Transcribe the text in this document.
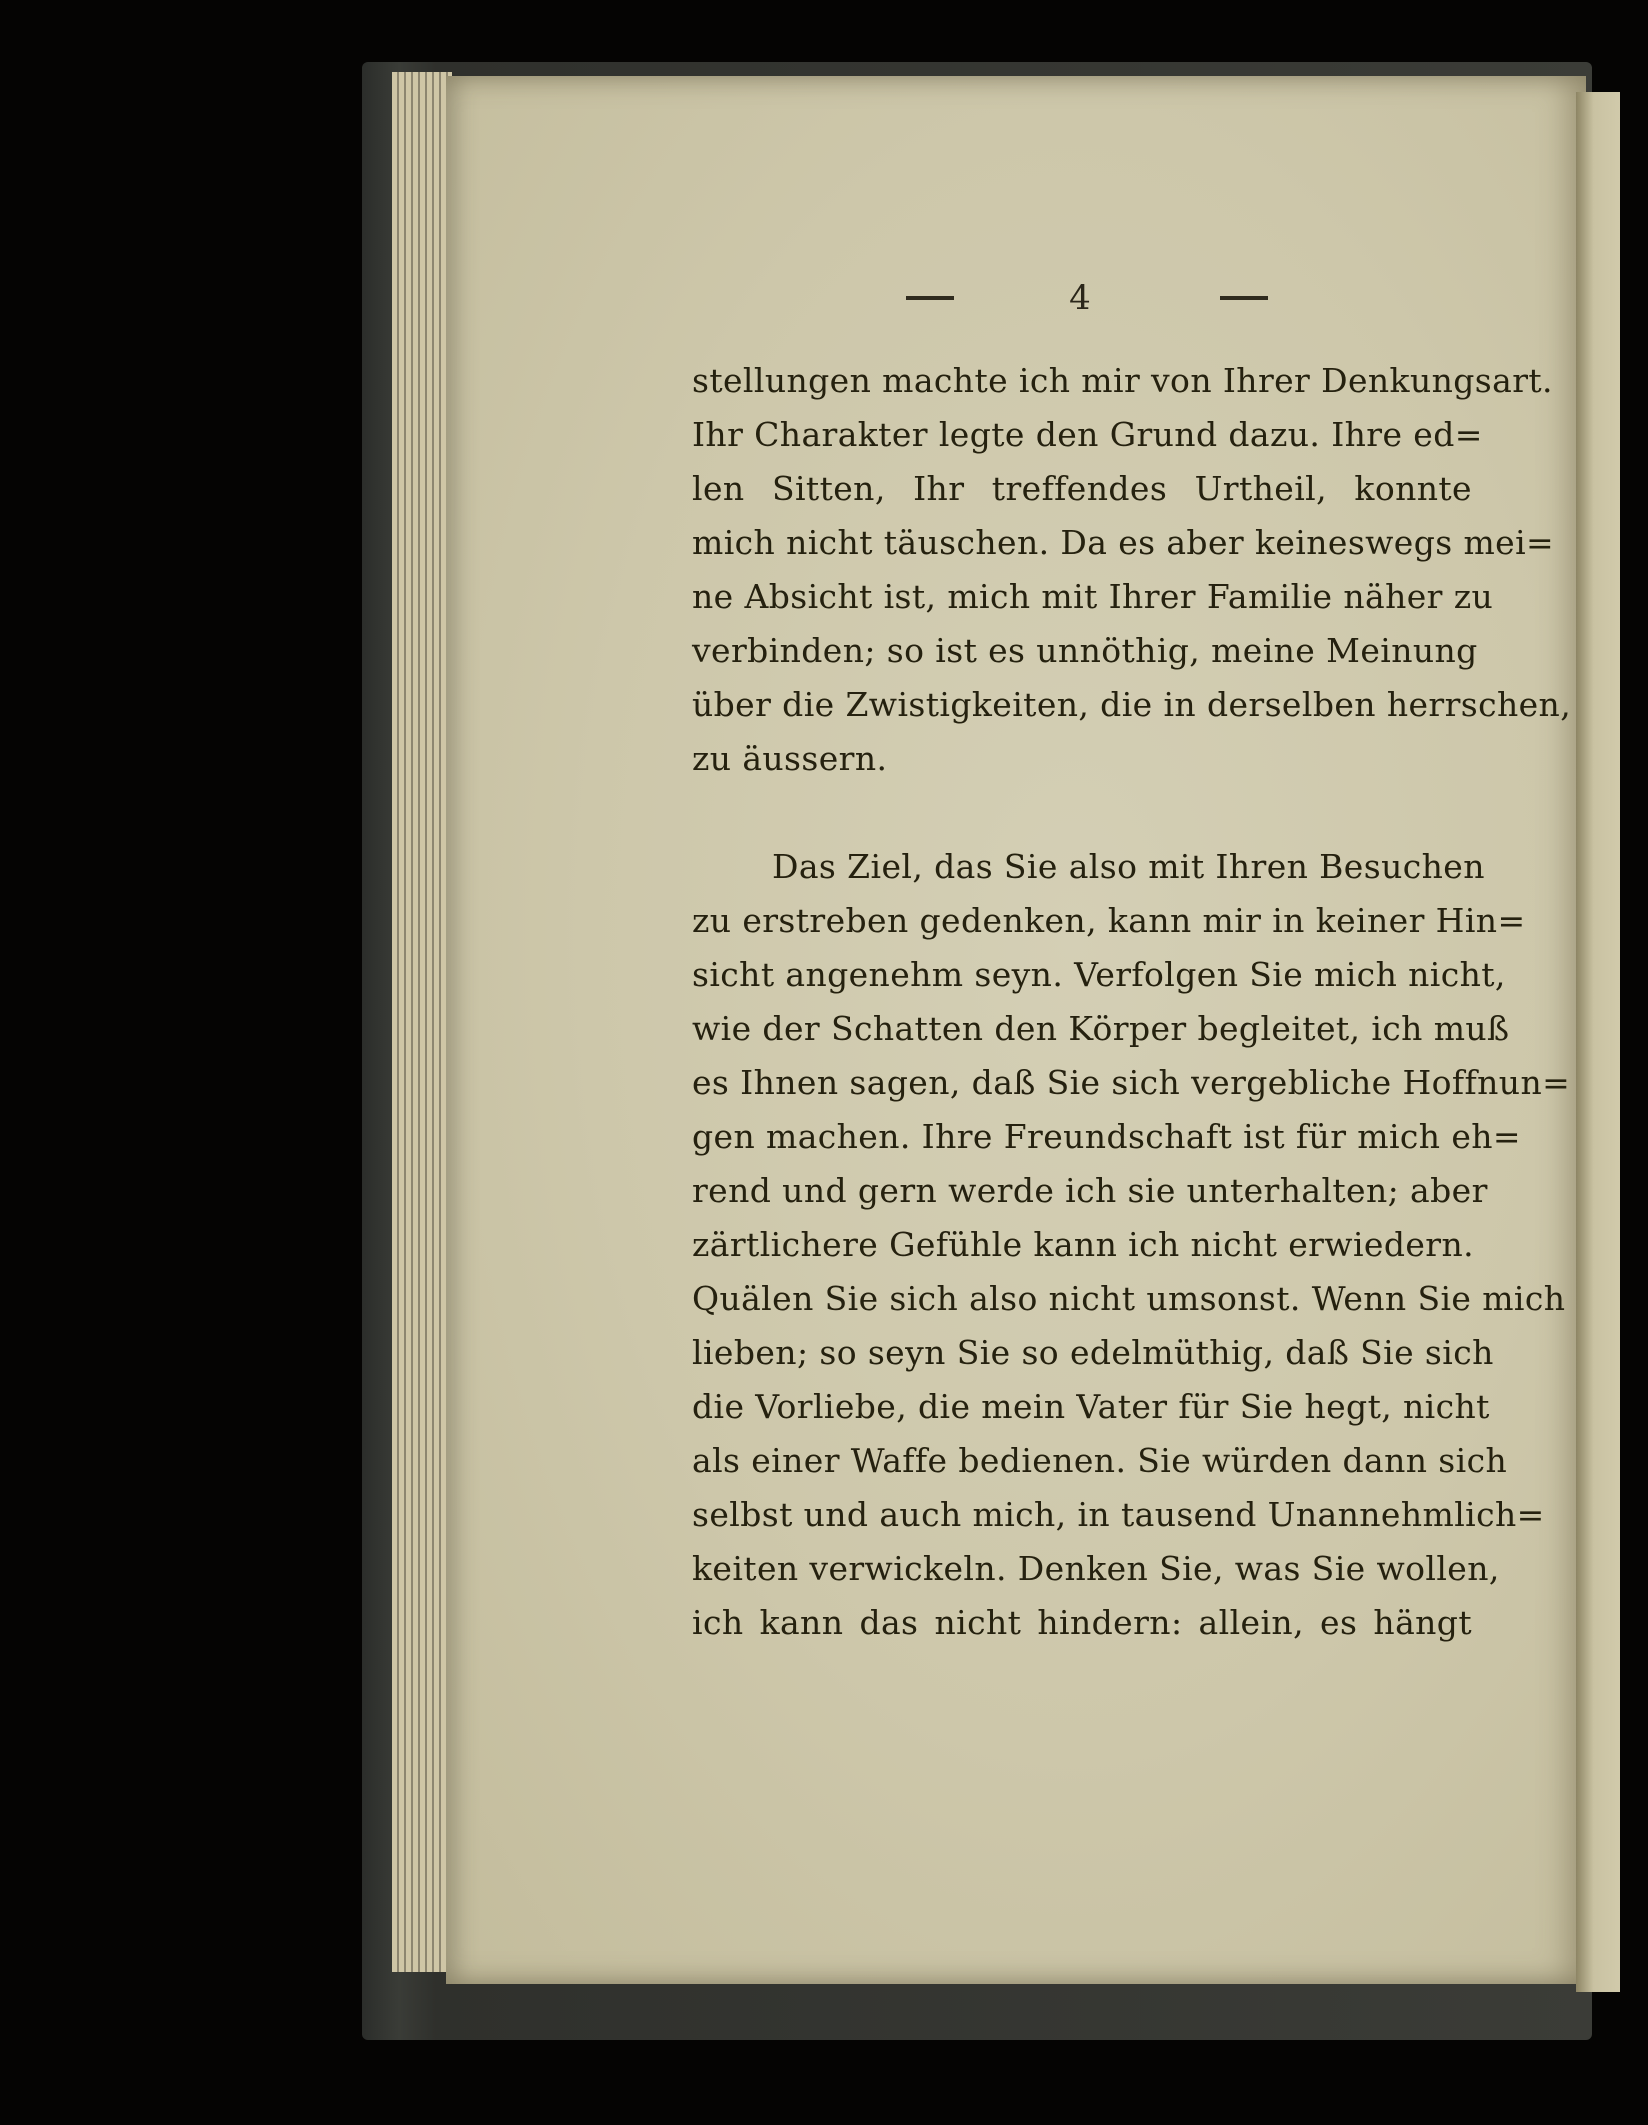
4
stellungen machte ich mir von Ihrer Denkungsart.
Ihr Charakter legte den Grund dazu. Ihre ed=
len Sitten, Ihr treffendes Urtheil, konnte
mich nicht täuschen. Da es aber keineswegs mei=
ne Absicht ist, mich mit Ihrer Familie näher zu
verbinden; so ist es unnöthig, meine Meinung
über die Zwistigkeiten, die in derselben herrschen,
zu äussern.
Das Ziel, das Sie also mit Ihren Besuchen
zu erstreben gedenken, kann mir in keiner Hin=
sicht angenehm seyn. Verfolgen Sie mich nicht,
wie der Schatten den Körper begleitet, ich muß
es Ihnen sagen, daß Sie sich vergebliche Hoffnun=
gen machen. Ihre Freundschaft ist für mich eh=
rend und gern werde ich sie unterhalten; aber
zärtlichere Gefühle kann ich nicht erwiedern.
Quälen Sie sich also nicht umsonst. Wenn Sie mich
lieben; so seyn Sie so edelmüthig, daß Sie sich
die Vorliebe, die mein Vater für Sie hegt, nicht
als einer Waffe bedienen. Sie würden dann sich
selbst und auch mich, in tausend Unannehmlich=
keiten verwickeln. Denken Sie, was Sie wollen,
ich kann das nicht hindern: allein, es hängt
